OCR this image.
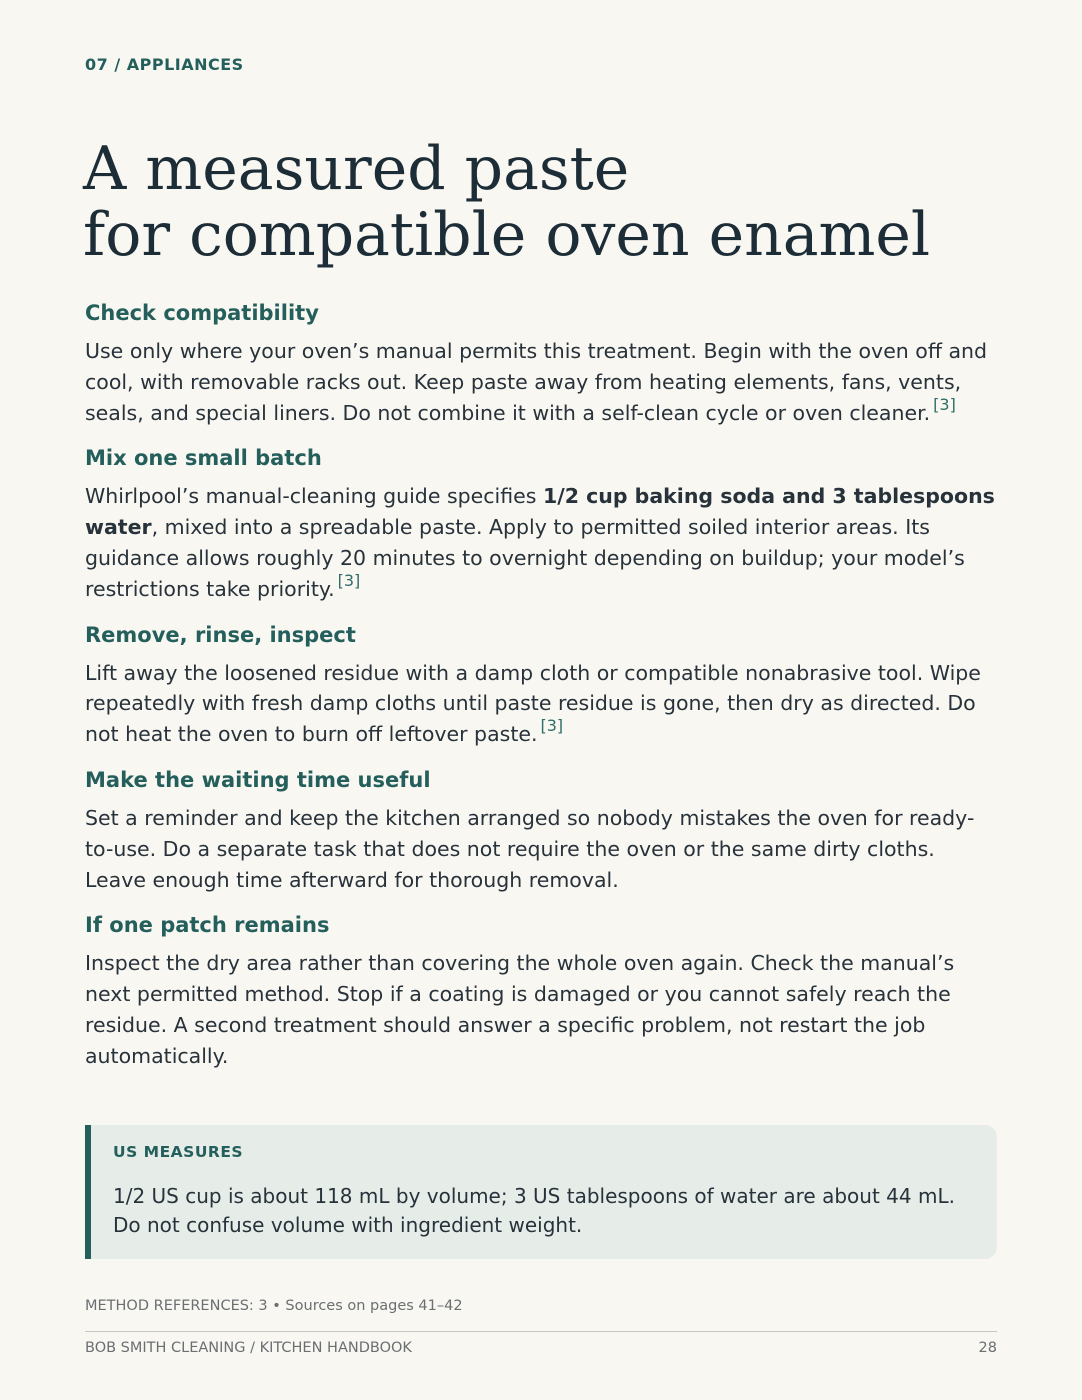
07 / APPLIANCES
A measured paste
for compatible oven enamel
Check compatibility

Use only where your oven’s manual permits this treatment. Begin with the oven off and cool, with removable racks out. Keep paste away from heating elements, fans, vents, seals, and special liners. Do not combine it with a self-clean cycle or oven cleaner. [3]

Mix one small batch

Whirlpool’s manual-cleaning guide specifies 1/2 cup baking soda and 3 tablespoons water, mixed into a spreadable paste. Apply to permitted soiled interior areas. Its guidance allows roughly 20 minutes to overnight depending on buildup; your model’s restrictions take priority. [3]

Remove, rinse, inspect

Lift away the loosened residue with a damp cloth or compatible nonabrasive tool. Wipe repeatedly with fresh damp cloths until paste residue is gone, then dry as directed. Do not heat the oven to burn off leftover paste. [3]

Make the waiting time useful

Set a reminder and keep the kitchen arranged so nobody mistakes the oven for ready-to-use. Do a separate task that does not require the oven or the same dirty cloths. Leave enough time afterward for thorough removal.

If one patch remains

Inspect the dry area rather than covering the whole oven again. Check the manual’s next permitted method. Stop if a coating is damaged or you cannot safely reach the residue. A second treatment should answer a specific problem, not restart the job automatically.

US MEASURES
1/2 US cup is about 118 mL by volume; 3 US tablespoons of water are about 44 mL. Do not confuse volume with ingredient weight.
METHOD REFERENCES: 3 • Sources on pages 41–42
BOB SMITH CLEANING / KITCHEN HANDBOOK	28
